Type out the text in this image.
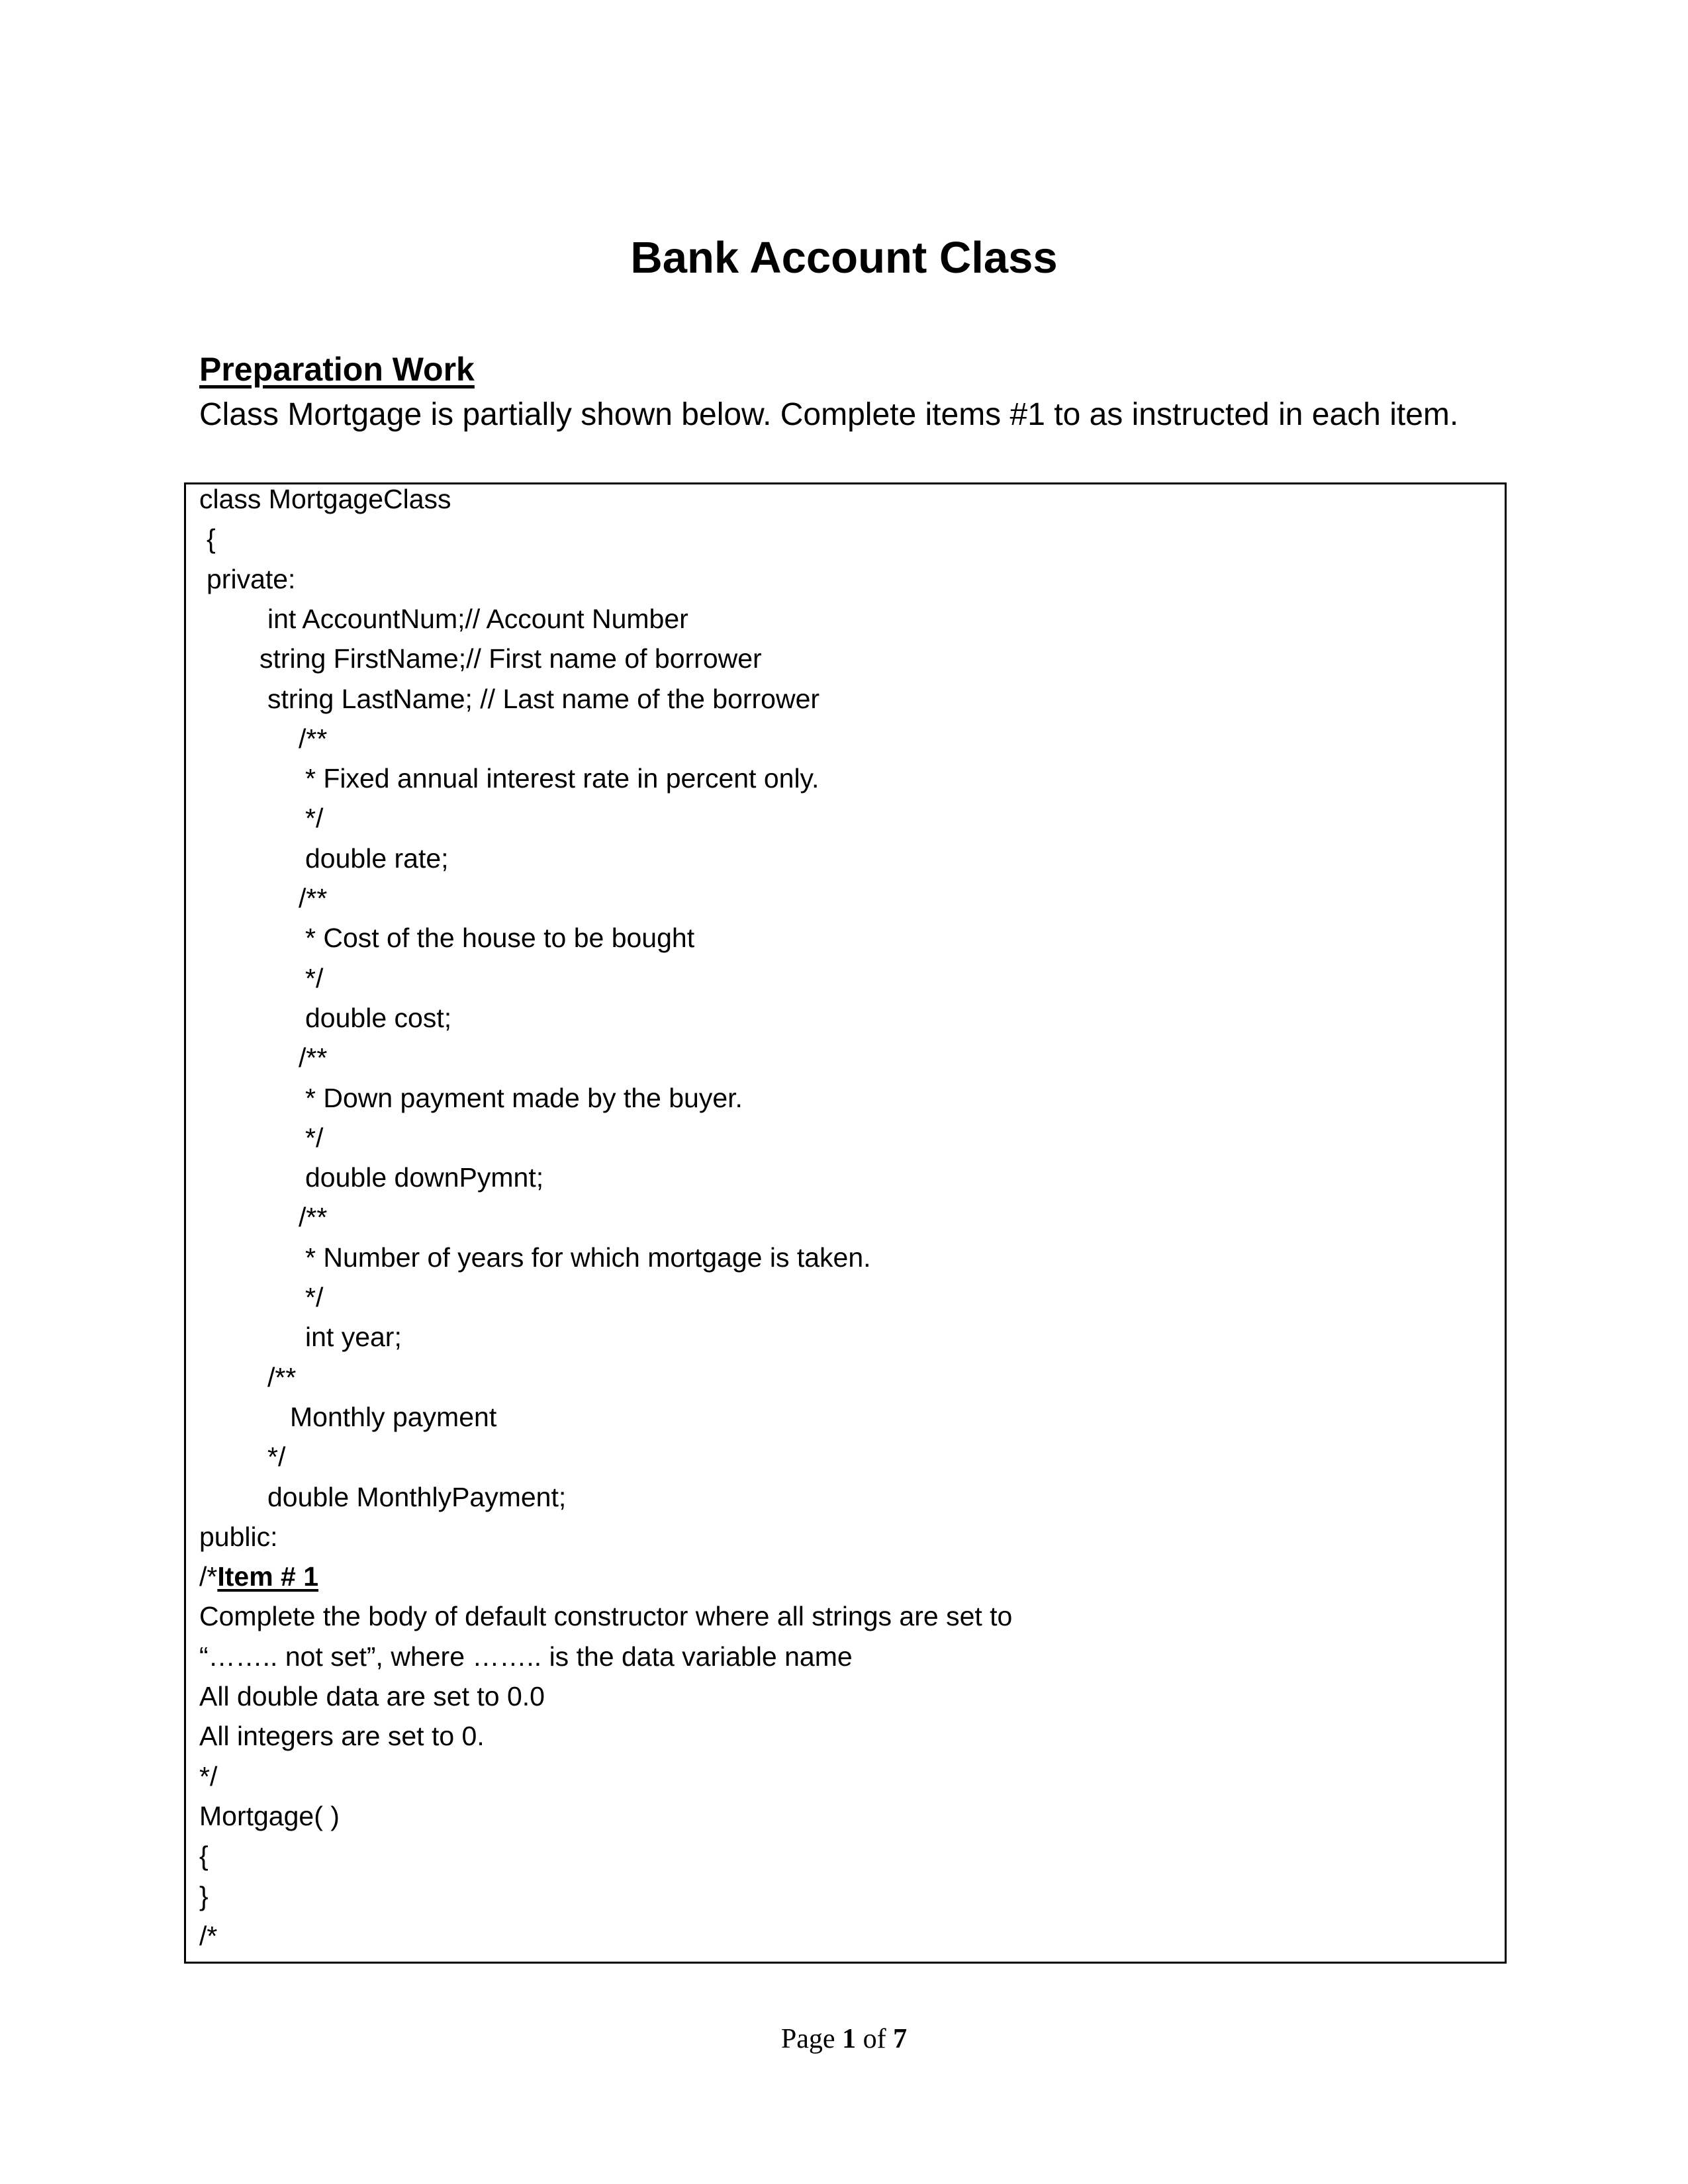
Bank Account Class
Preparation Work
Class Mortgage is partially shown below. Complete items #1 to as instructed in each item.
class MortgageClass
{
private:
int AccountNum;// Account Number
string FirstName;// First name of borrower
string LastName; // Last name of the borrower
/**
* Fixed annual interest rate in percent only.
*/
double rate;
/**
* Cost of the house to be bought
*/
double cost;
/**
* Down payment made by the buyer.
*/
double downPymnt;
/**
* Number of years for which mortgage is taken.
*/
int year;
/**
Monthly payment
*/
double MonthlyPayment;
public:
/*Item # 1
Complete the body of default constructor where all strings are set to
“…….. not set”, where …….. is the data variable name
All double data are set to 0.0
All integers are set to 0.
*/
Mortgage( )
{
}
/*
Page 1 of 7
